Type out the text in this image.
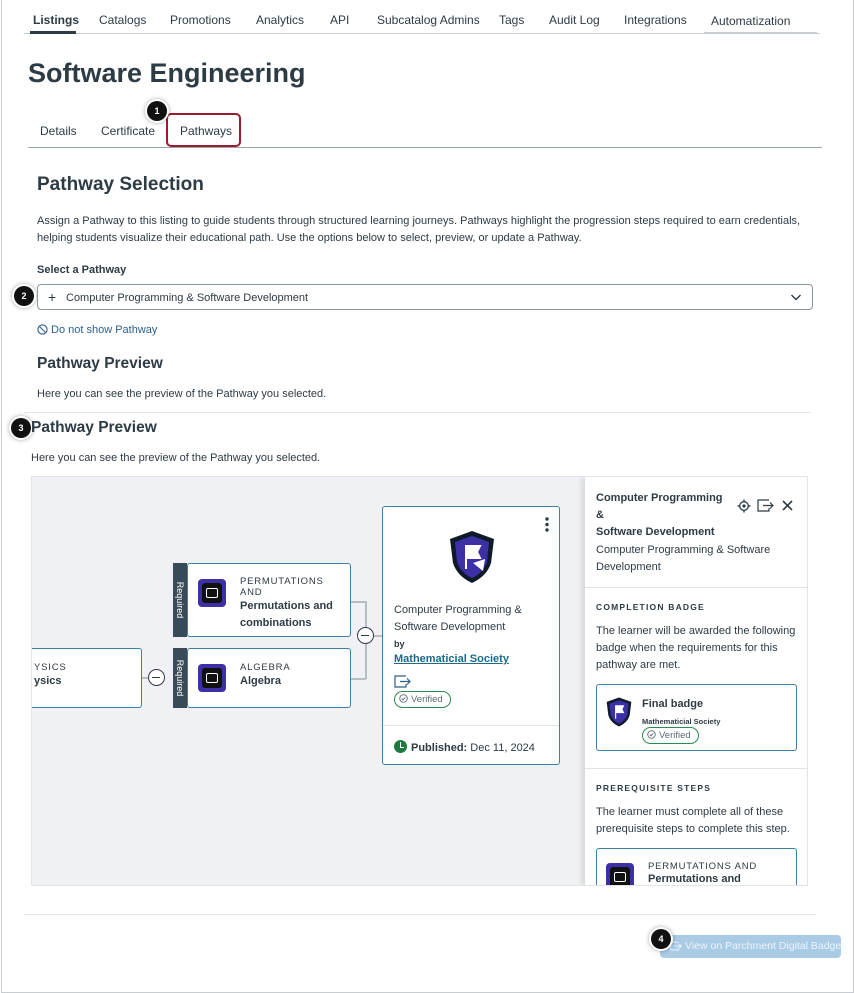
Listings Catalogs Promotions Analytics API Subcatalog Admins Tags Audit Log Integrations Automatization
Software Engineering
Details Certificate Pathways
1
Pathway Selection
Assign a Pathway to this listing to guide students through structured learning journeys. Pathways highlight the progression steps required to earn credentials, helping students visualize their educational path. Use the options below to select, preview, or update a Pathway.
Select a Pathway
2	+ Computer Programming & Software Development
Do not show Pathway
Pathway Preview
Here you can see the preview of the Pathway you selected.
3 Pathway Preview
Here you can see the preview of the Pathway you selected.
YSICS
ysics
Required
PERMUTATIONS
AND
Permutations and
combinations
Required	ALGEBRA
Algebra
Computer Programming &
Software Development
by
Mathematicial Society
Verified
Published: Dec 11, 2024
Computer Programming &
Software Development
Computer Programming & Software
Development
COMPLETION BADGE
The learner will be awarded the following badge when the requirements for this pathway are met.
Final badge
Mathematicial Society
Verified
PREREQUISITE STEPS
The learner must complete all of these prerequisite steps to complete this step.
PERMUTATIONS AND
Permutations and
View on Parchment Digital Badges
4
